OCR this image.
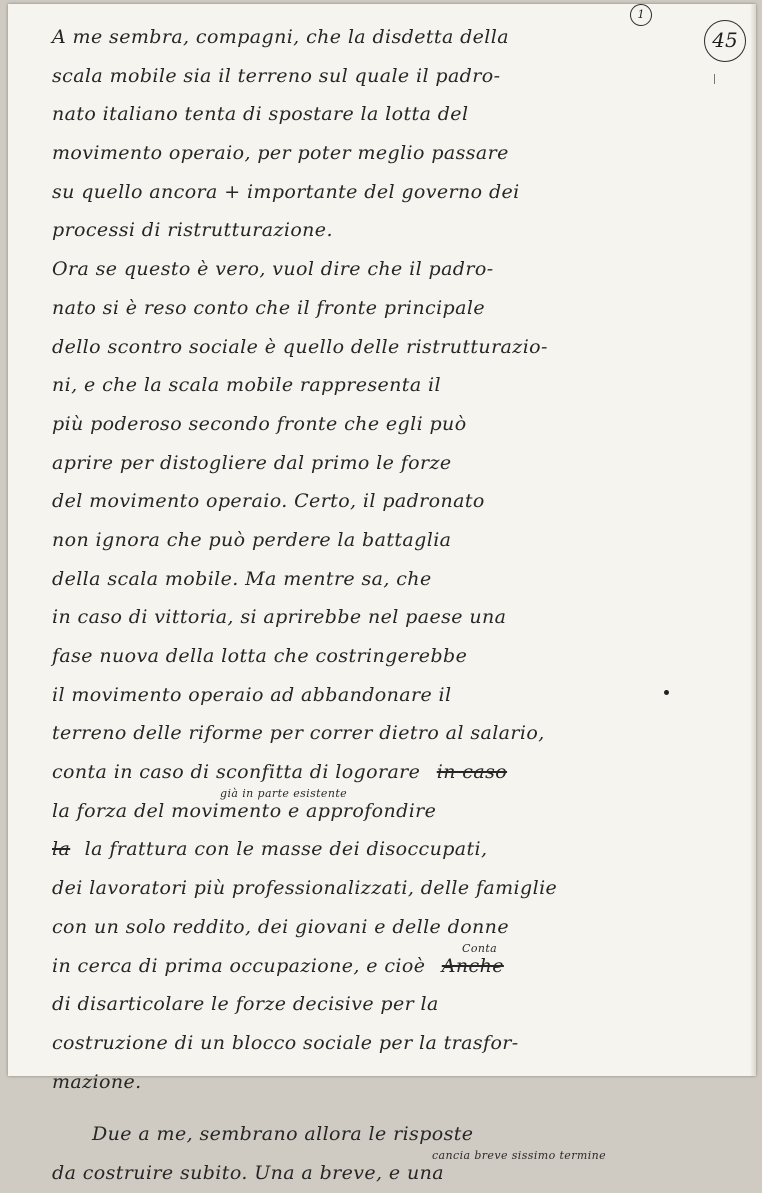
1
45
A me sembra, compagni, che la disdetta della
scala mobile sia il terreno sul quale il padro-
nato italiano tenta di spostare la lotta del
movimento operaio, per poter meglio passare
su quello ancora + importante del governo dei
processi di ristrutturazione.
Ora se questo è vero, vuol dire che il padro-
nato si è reso conto che il fronte principale
dello scontro sociale è quello delle ristrutturazio-
ni, e che la scala mobile rappresenta il
più poderoso secondo fronte che egli può
aprire per distogliere dal primo le forze
del movimento operaio. Certo, il padronato
non ignora che può perdere la battaglia
della scala mobile. Ma mentre sa, che
in caso di vittoria, si aprirebbe nel paese una
fase nuova della lotta che costringerebbe
il movimento operaio ad abbandonare il
terreno delle riforme per correr dietro al salario,
conta in caso di sconfitta di logorare in caso
già in parte esistente
la forza del movimento e approfondire
la la frattura con le masse dei disoccupati,
dei lavoratori più professionalizzati, delle famiglie
con un solo reddito, dei giovani e delle donne
Conta
in cerca di prima occupazione, e cioè Anche
di disarticolare le forze decisive per la
costruzione di un blocco sociale per la trasfor-
mazione.
Due a me, sembrano allora le risposte
cancia breve sissimo termine
da costruire subito. Una a breve, e una
